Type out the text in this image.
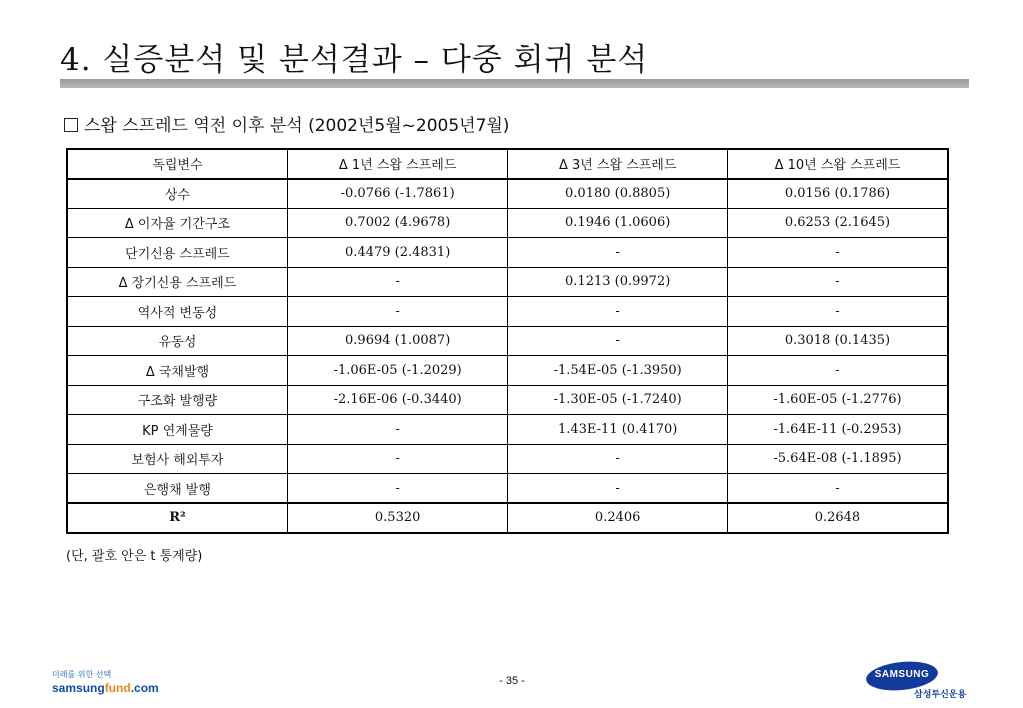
4. 실증분석 및 분석결과 – 다중 회귀 분석
스왑 스프레드 역전 이후 분석 (2002년5월~2005년7월)
독립변수	Δ 1년 스왑 스프레드	Δ 3년 스왑 스프레드	Δ 10년 스왑 스프레드
상수	-0.0766 (-1.7861)	0.0180 (0.8805)	0.0156 (0.1786)
Δ 이자율 기간구조	0.7002 (4.9678)	0.1946 (1.0606)	0.6253 (2.1645)
단기신용 스프레드	0.4479 (2.4831)	-	-
Δ 장기신용 스프레드	-	0.1213 (0.9972)	-
역사적 변동성	-	-	-
유동성	0.9694 (1.0087)	-	0.3018 (0.1435)
Δ 국채발행	-1.06E-05 (-1.2029)	-1.54E-05 (-1.3950)	-
구조화 발행량	-2.16E-06 (-0.3440)	-1.30E-05 (-1.7240)	-1.60E-05 (-1.2776)
KP 연계물량	-	1.43E-11 (0.4170)	-1.64E-11 (-0.2953)
보험사 해외투자	-	-	-5.64E-08 (-1.1895)
은행채 발행	-	-	-
R²	0.5320	0.2406	0.2648
(단, 괄호 안은 t 통계량)
미래를 위한 선택
samsungfund.com	- 35 -
SAMSUNG
삼성투신운용
